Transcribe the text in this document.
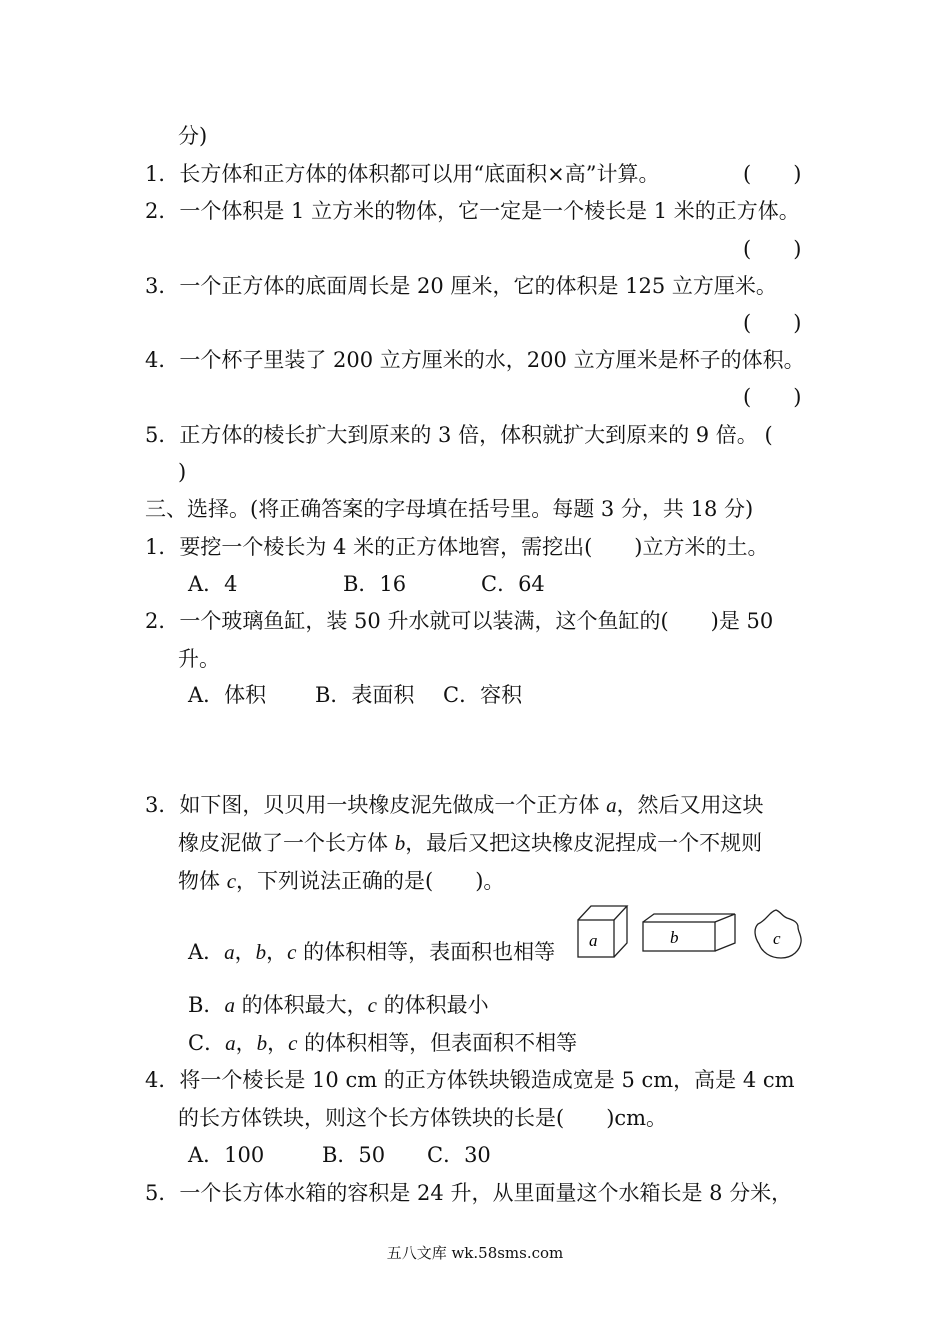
分)
1．长方体和正方体的体积都可以用“底面积×高”计算。	(　　)
2．一个体积是 1 立方米的物体，它一定是一个棱长是 1 米的正方体。
(　　)
3．一个正方体的底面周长是 20 厘米，它的体积是 125 立方厘米。
(　　)
4．一个杯子里装了 200 立方厘米的水，200 立方厘米是杯子的体积。
(　　)
5．正方体的棱长扩大到原来的 3 倍，体积就扩大到原来的 9 倍。 (
)
三、选择。(将正确答案的字母填在括号里。每题 3 分，共 18 分)
1．要挖一个棱长为 4 米的正方体地窖，需挖出(　　)立方米的土。
A．4	B．16	C．64
2．一个玻璃鱼缸，装 50 升水就可以装满，这个鱼缸的(　　)是 50
升。
A．体积 B．表面积 C．容积
3．如下图，贝贝用一块橡皮泥先做成一个正方体 a，然后又用这块
橡皮泥做了一个长方体 b，最后又把这块橡皮泥捏成一个不规则
物体 c，下列说法正确的是(　　)。
A．a，b，c 的体积相等，表面积也相等 a	b	c
B．a 的体积最大，c 的体积最小
C．a，b，c 的体积相等，但表面积不相等
4．将一个棱长是 10 cm 的正方体铁块锻造成宽是 5 cm，高是 4 cm
的长方体铁块，则这个长方体铁块的长是(　　)cm。
A．100	B．50 C．30
5．一个长方体水箱的容积是 24 升，从里面量这个水箱长是 8 分米，
五八文库 wk.58sms.com
